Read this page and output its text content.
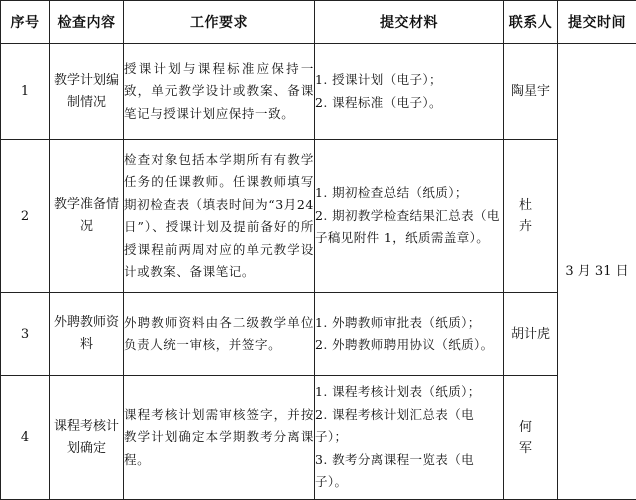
序号	检查内容	工作要求	提交材料	联系人	提交时间
1	教学计划编制情况	授课计划与课程标准应保持一致，单元教学设计或教案、备课笔记与授课计划应保持一致。	1. 授课计划（电子）；
2. 课程标准（电子）。	陶星宇	3 月 31 日
2	教学准备情况	检查对象包括本学期所有有教学任务的任课教师。任课教师填写期初检查表（填表时间为“3月24日”）、授课计划及提前备好的所授课程前两周对应的单元教学设计或教案、备课笔记。	1. 期初检查总结（纸质）；
2. 期初教学检查结果汇总表（电子稿见附件 1，纸质需盖章）。	杜 卉	
3	外聘教师资料	外聘教师资料由各二级教学单位负责人统一审核，并签字。	1. 外聘教师审批表（纸质）；
2. 外聘教师聘用协议（纸质）。	胡计虎	
4	课程考核计划确定	课程考核计划需审核签字，并按教学计划确定本学期教考分离课程。	1. 课程考核计划表（纸质）；
2. 课程考核计划汇总表（电子）；
3. 教考分离课程一览表（电子）。	何 军	
